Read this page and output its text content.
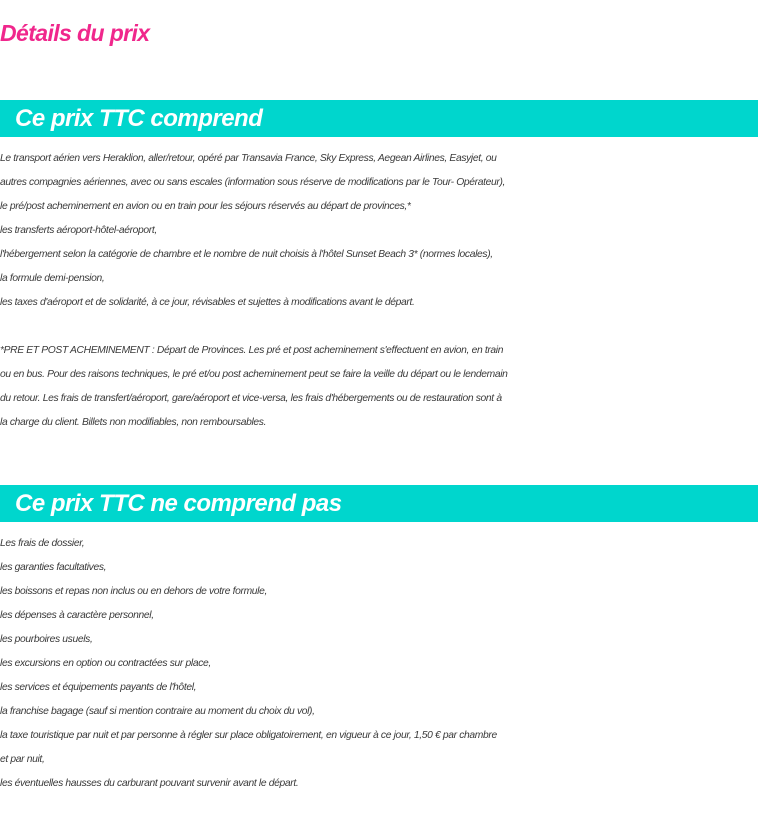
Détails du prix
Ce prix TTC comprend
Le transport aérien vers Heraklion, aller/retour, opéré par Transavia France, Sky Express, Aegean Airlines, Easyjet, ou
autres compagnies aériennes, avec ou sans escales (information sous réserve de modifications par le Tour- Opérateur),
le pré/post acheminement en avion ou en train pour les séjours réservés au départ de provinces,*
les transferts aéroport-hôtel-aéroport,
l'hébergement selon la catégorie de chambre et le nombre de nuit choisis à l'hôtel Sunset Beach 3* (normes locales),
la formule demi-pension,
les taxes d'aéroport et de solidarité, à ce jour, révisables et sujettes à modifications avant le départ.
*PRE ET POST ACHEMINEMENT : Départ de Provinces. Les pré et post acheminement s'effectuent en avion, en train
ou en bus. Pour des raisons techniques, le pré et/ou post acheminement peut se faire la veille du départ ou le lendemain
du retour. Les frais de transfert/aéroport, gare/aéroport et vice-versa, les frais d'hébergements ou de restauration sont à
la charge du client. Billets non modifiables, non remboursables.
Ce prix TTC ne comprend pas
Les frais de dossier,
les garanties facultatives,
les boissons et repas non inclus ou en dehors de votre formule,
les dépenses à caractère personnel,
les pourboires usuels,
les excursions en option ou contractées sur place,
les services et équipements payants de l'hôtel,
la franchise bagage (sauf si mention contraire au moment du choix du vol),
la taxe touristique par nuit et par personne à régler sur place obligatoirement, en vigueur à ce jour, 1,50 € par chambre
et par nuit,
les éventuelles hausses du carburant pouvant survenir avant le départ.
